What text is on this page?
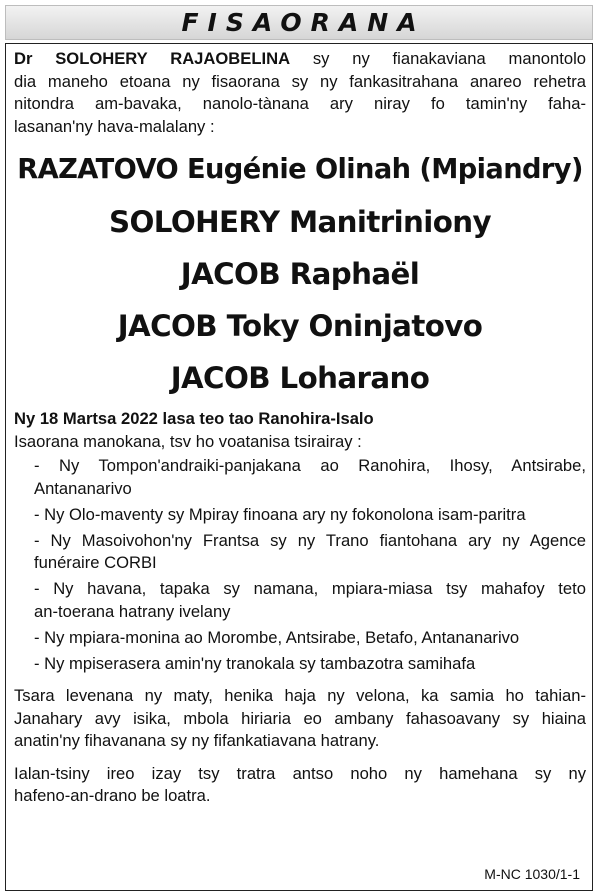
FISAORANA

Dr SOLOHERY RAJAOBELINA sy ny fianakaviana manontolo

dia maneho etoana ny fisaorana sy ny fankasitrahana anareo rehetra

nitondra am-bavaka, nanolo-tànana ary niray fo tamin'ny faha-

lasanan'ny hava-malalany :

RAZATOVO Eugénie Olinah (Mpiandry)
SOLOHERY Manitriniony
JACOB Raphaël
JACOB Toky Oninjatovo
JACOB Loharano

Ny 18 Martsa 2022 lasa teo tao Ranohira-Isalo

Isaorana manokana, tsv ho voatanisa tsirairay :

- Ny Tompon'andraiki-panjakana ao Ranohira, Ihosy, Antsirabe,
Antananarivo
- Ny Olo-maventy sy Mpiray finoana ary ny fokonolona isam-paritra
- Ny Masoivohon'ny Frantsa sy ny Trano fiantohana ary ny Agence
funéraire CORBI
- Ny havana, tapaka sy namana, mpiara-miasa tsy mahafoy teto
an-toerana hatrany ivelany
- Ny mpiara-monina ao Morombe, Antsirabe, Betafo, Antananarivo
- Ny mpiserasera amin'ny tranokala sy tambazotra samihafa

Tsara levenana ny maty, henika haja ny velona, ka samia ho tahian-

Janahary avy isika, mbola hiriaria eo ambany fahasoavany sy hiaina

anatin'ny fihavanana sy ny fifankatiavana hatrany.

Ialan-tsiny ireo izay tsy tratra antso noho ny hamehana sy ny

hafeno-an-drano be loatra.

M-NC 1030/1-1
